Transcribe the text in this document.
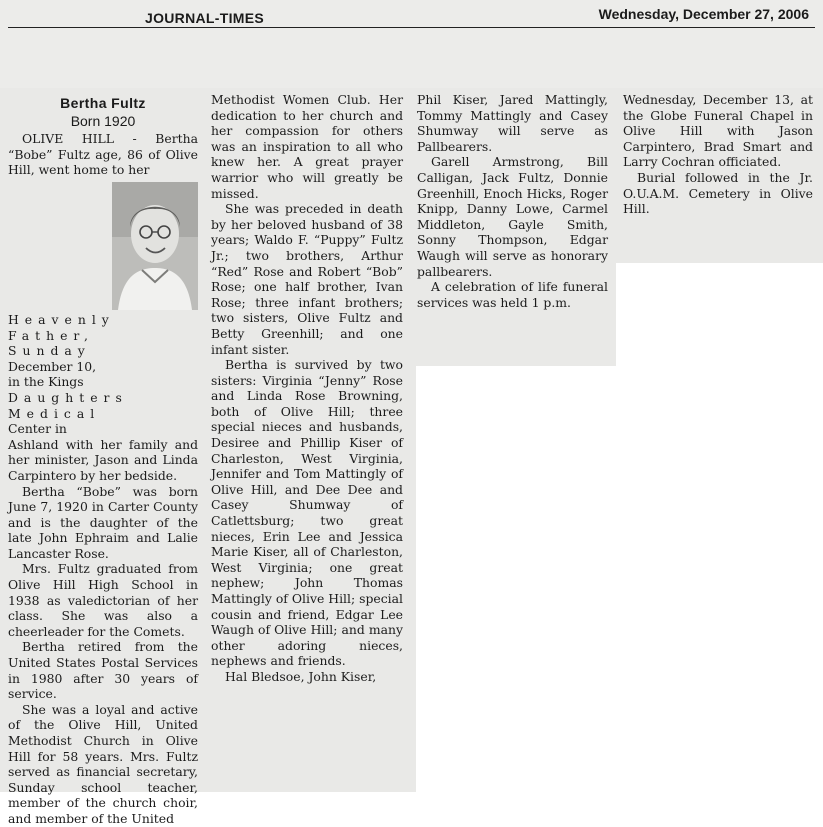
JOURNAL-TIMES	Wednesday, December 27, 2006
Bertha Fultz
Born 1920

OLIVE HILL - Bertha “Bobe” Fultz age, 86 of Olive Hill, went home to her

Heavenly
Father,
Sunday
December 10,
in the Kings
Daughters
Medical
Center in

Ashland with her family and her minister, Jason and Linda Carpintero by her bedside.

Bertha “Bobe” was born June 7, 1920 in Carter County and is the daughter of the late John Ephraim and Lalie Lancaster Rose.

Mrs. Fultz graduated from Olive Hill High School in 1938 as valedictorian of her class. She was also a cheerleader for the Comets.

Bertha retired from the United States Postal Services in 1980 after 30 years of service.

She was a loyal and active of the Olive Hill, United Methodist Church in Olive Hill for 58 years. Mrs. Fultz served as financial secretary, Sunday school teacher, member of the church choir, and member of the United

Methodist Women Club. Her dedication to her church and her compassion for others was an inspiration to all who knew her. A great prayer warrior who will greatly be missed.

She was preceded in death by her beloved husband of 38 years; Waldo F. “Puppy” Fultz Jr.; two brothers, Arthur “Red” Rose and Robert “Bob” Rose; one half brother, Ivan Rose; three infant brothers; two sisters, Olive Fultz and Betty Greenhill; and one infant sister.

Bertha is survived by two sisters: Virginia “Jenny” Rose and Linda Rose Browning, both of Olive Hill; three special nieces and husbands, Desiree and Phillip Kiser of Charleston, West Virginia, Jennifer and Tom Mattingly of Olive Hill, and Dee Dee and Casey Shumway of Catlettsburg; two great nieces, Erin Lee and Jessica Marie Kiser, all of Charleston, West Virginia; one great nephew; John Thomas Mattingly of Olive Hill; special cousin and friend, Edgar Lee Waugh of Olive Hill; and many other adoring nieces, nephews and friends.

Hal Bledsoe, John Kiser,

Phil Kiser, Jared Mattingly, Tommy Mattingly and Casey Shumway will serve as Pallbearers.

Garell Armstrong, Bill Calligan, Jack Fultz, Donnie Greenhill, Enoch Hicks, Roger Knipp, Danny Lowe, Carmel Middleton, Gayle Smith, Sonny Thompson, Edgar Waugh will serve as honorary pallbearers.

A celebration of life funeral services was held 1 p.m.

Wednesday, December 13, at the Globe Funeral Chapel in Olive Hill with Jason Carpintero, Brad Smart and Larry Cochran officiated.

Burial followed in the Jr. O.U.A.M. Cemetery in Olive Hill.
